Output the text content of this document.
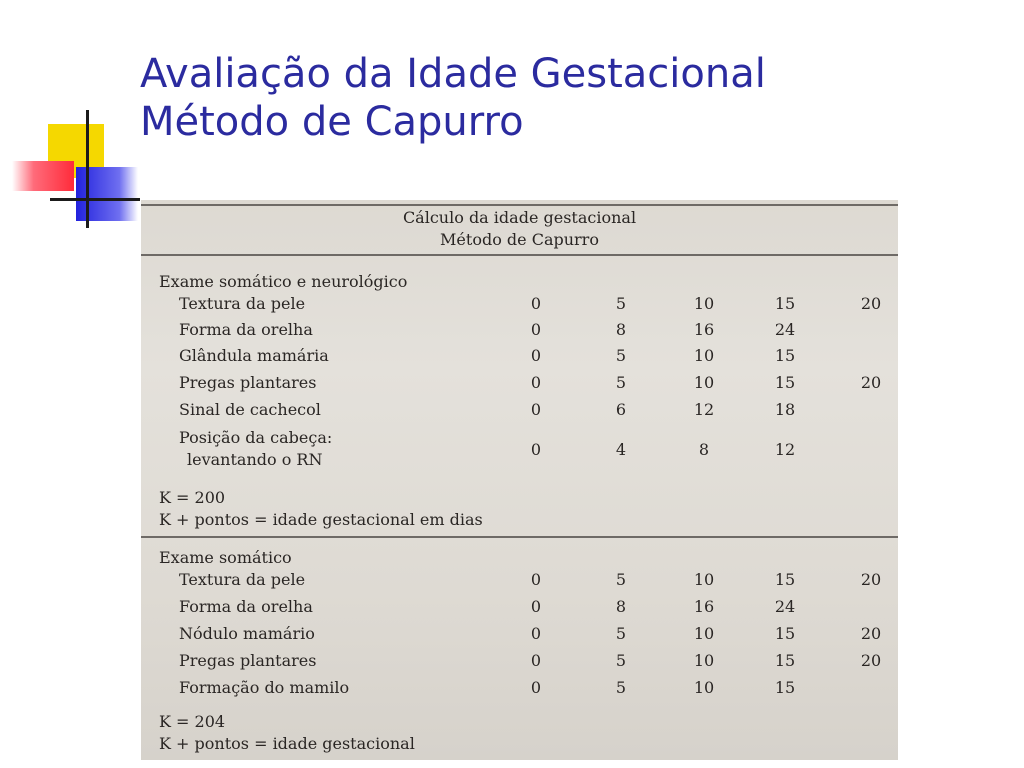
Avaliação da Idade Gestacional
Método de Capurro
Cálculo da idade gestacional
Método de Capurro
Exame somático e neurológico
Textura da pele	0	5	10	15	20
Forma da orelha	0	8	16	24
Glândula mamária	0	5	10	15
Pregas plantares	0	5	10	15	20
Sinal de cachecol	0	6	12	18
Posição da cabeça:
levantando o RN
0	4	8	12
K = 200
K + pontos = idade gestacional em dias
Exame somático
Textura da pele	0	5	10	15	20
Forma da orelha	0	8	16	24
Nódulo mamário	0	5	10	15	20
Pregas plantares	0	5	10	15	20
Formação do mamilo	0	5	10	15
K = 204
K + pontos = idade gestacional
